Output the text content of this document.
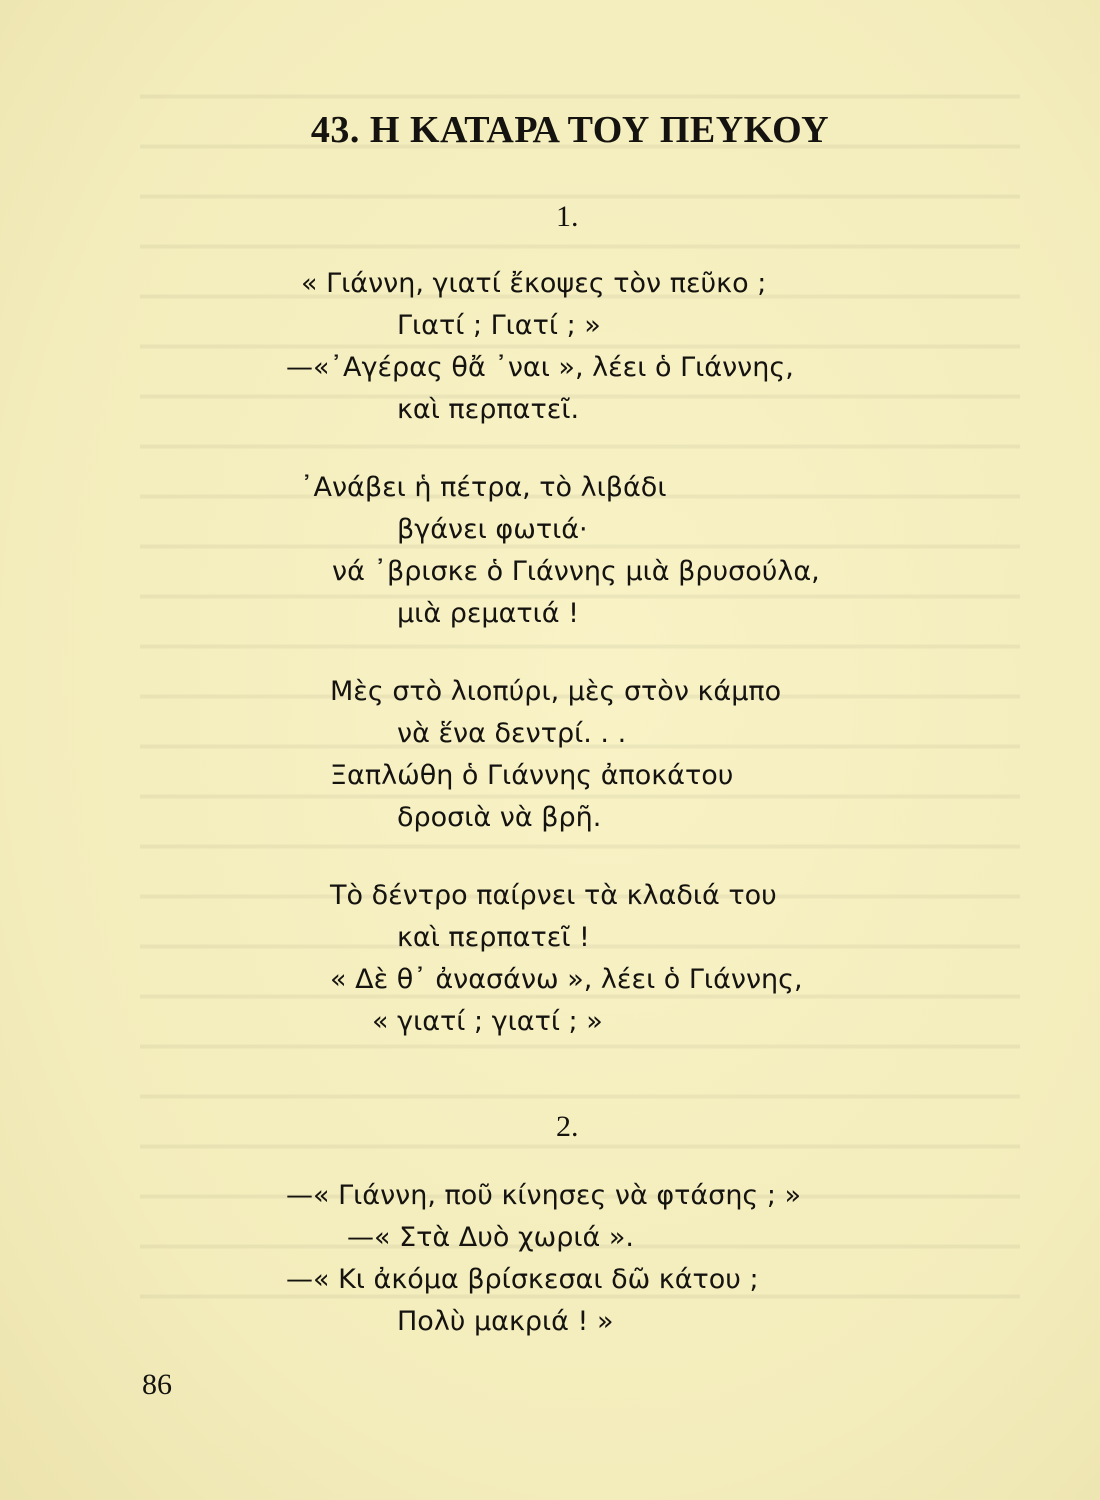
43. Η ΚΑΤΑΡΑ ΤΟΥ ΠΕΥΚΟΥ
1.
« Γιάννη, γιατί ἔκοψες τὸν πεῦκο ;
Γιατί ; Γιατί ; »
—«᾿Αγέρας θἄ ᾿ναι », λέει ὁ Γιάννης,
καὶ περπατεῖ.
᾿Ανάβει ἡ πέτρα, τὸ λιβάδι
βγάνει φωτιά·
νά ᾿βρισκε ὁ Γιάννης μιὰ βρυσούλα,
μιὰ ρεματιά !
Μὲς στὸ λιοπύρι, μὲς στὸν κάμπο
νὰ ἕνα δεντρί. . .
Ξαπλώθη ὁ Γιάννης ἀποκάτου
δροσιὰ νὰ βρῆ.
Τὸ δέντρο παίρνει τὰ κλαδιά του
καὶ περπατεῖ !
« Δὲ θ᾿ ἀνασάνω », λέει ὁ Γιάννης,
« γιατί ; γιατί ; »
2.
—« Γιάννη, ποῦ κίνησες νὰ φτάσης ; »
—« Στὰ Δυὸ χωριά ».
—« Κι ἀκόμα βρίσκεσαι δῶ κάτου ;
Πολὺ μακριά ! »
86
